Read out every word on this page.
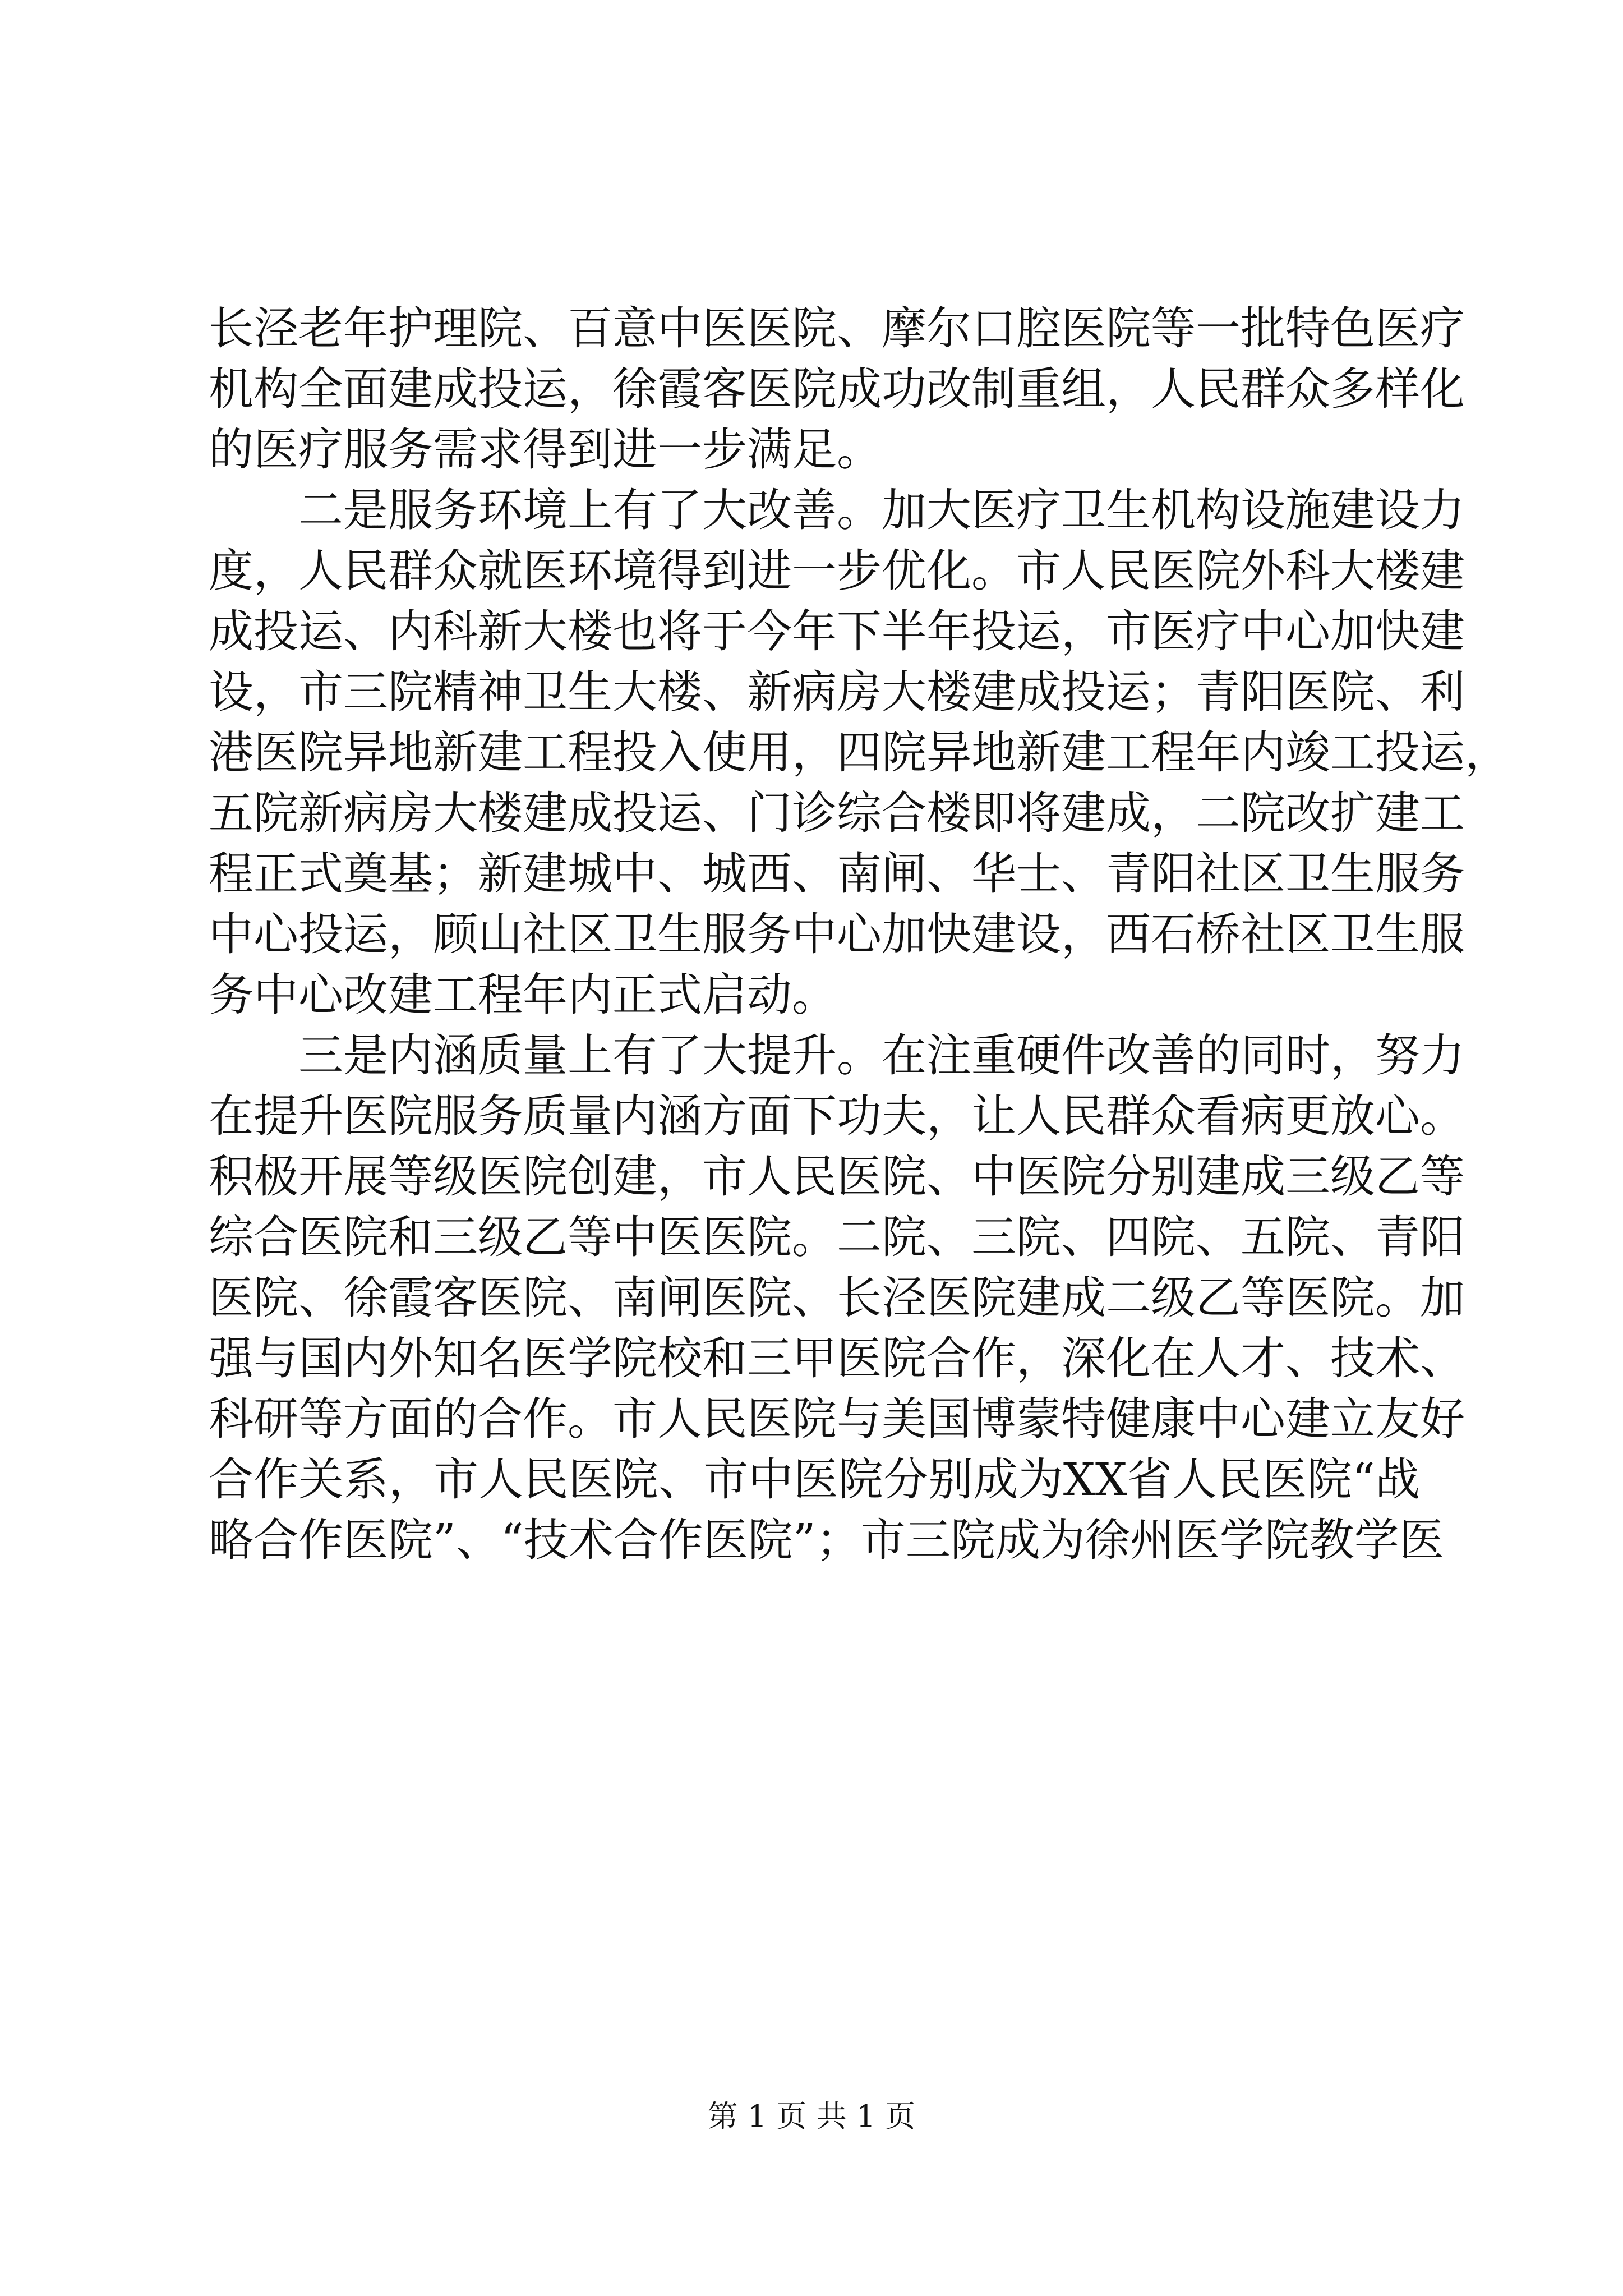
长泾老年护理院、百意中医医院、摩尔口腔医院等一批特色医疗
机构全面建成投运，徐霞客医院成功改制重组，人民群众多样化
的医疗服务需求得到进一步满足。
二是服务环境上有了大改善。加大医疗卫生机构设施建设力
度，人民群众就医环境得到进一步优化。市人民医院外科大楼建
成投运、内科新大楼也将于今年下半年投运，市医疗中心加快建
设，市三院精神卫生大楼、新病房大楼建成投运；青阳医院、利
港医院异地新建工程投入使用，四院异地新建工程年内竣工投运，
五院新病房大楼建成投运、门诊综合楼即将建成，二院改扩建工
程正式奠基；新建城中、城西、南闸、华士、青阳社区卫生服务
中心投运，顾山社区卫生服务中心加快建设，西石桥社区卫生服
务中心改建工程年内正式启动。
三是内涵质量上有了大提升。在注重硬件改善的同时，努力
在提升医院服务质量内涵方面下功夫，让人民群众看病更放心。
积极开展等级医院创建，市人民医院、中医院分别建成三级乙等
综合医院和三级乙等中医医院。二院、三院、四院、五院、青阳
医院、徐霞客医院、南闸医院、长泾医院建成二级乙等医院。加
强与国内外知名医学院校和三甲医院合作，深化在人才、技术、
科研等方面的合作。市人民医院与美国博蒙特健康中心建立友好
合作关系，市人民医院、市中医院分别成为XX省人民医院“战
略合作医院”、“技术合作医院”；市三院成为徐州医学院教学医
第 1 页 共 1 页
